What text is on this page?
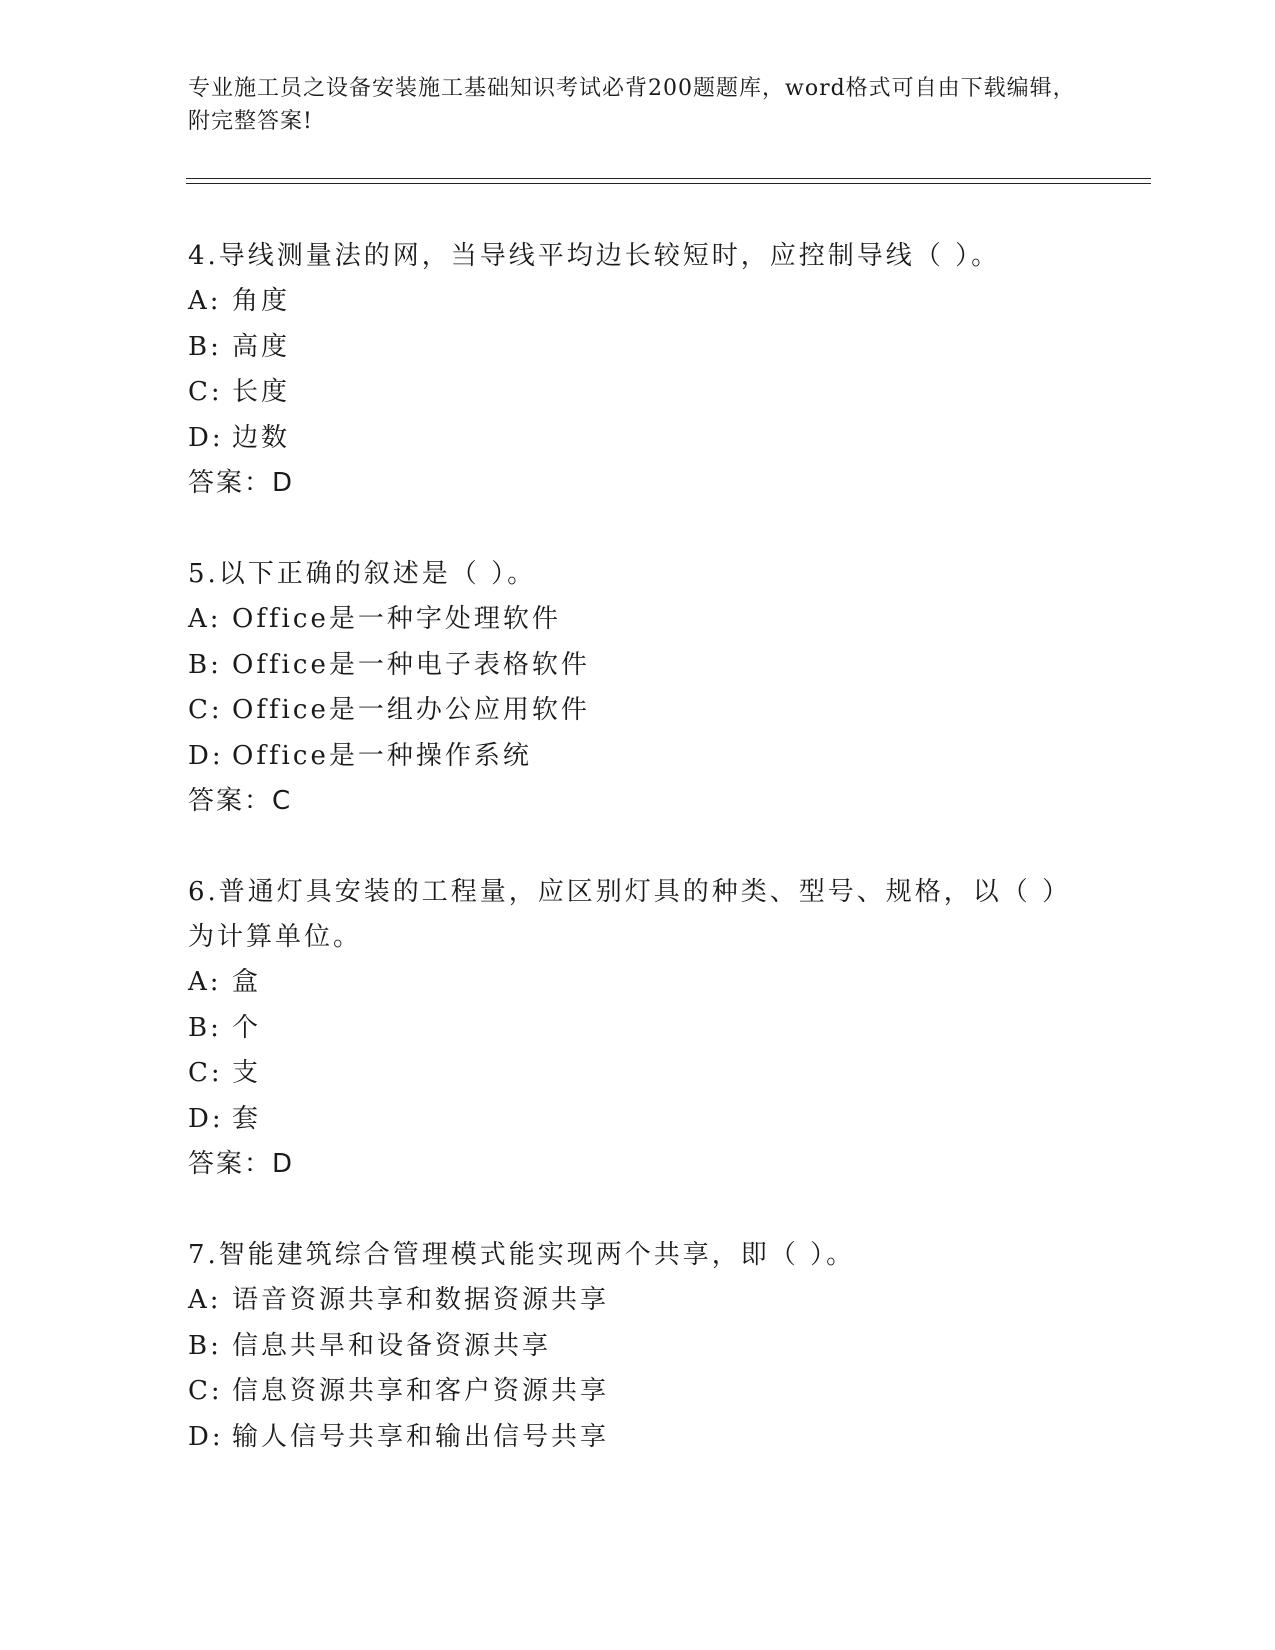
专业施工员之设备安装施工基础知识考试必背200题题库，word格式可自由下载编辑，附完整答案!

4.导线测量法的网，当导线平均边长较短时，应控制导线（ ）。

A: 角度
B: 高度
C: 长度
D: 边数

答案：D

5.以下正确的叙述是（ ）。

A: Office是一种字处理软件
B: Office是一种电子表格软件
C: Office是一组办公应用软件
D: Office是一种操作系统

答案：C

6.普通灯具安装的工程量，应区别灯具的种类、型号、规格，以（ ）为计算单位。

A: 盒
B: 个
C: 支
D: 套

答案：D

7.智能建筑综合管理模式能实现两个共享，即（ ）。

A: 语音资源共享和数据资源共享
B: 信息共旱和设备资源共享
C: 信息资源共享和客户资源共享
D: 输人信号共享和输出信号共享
